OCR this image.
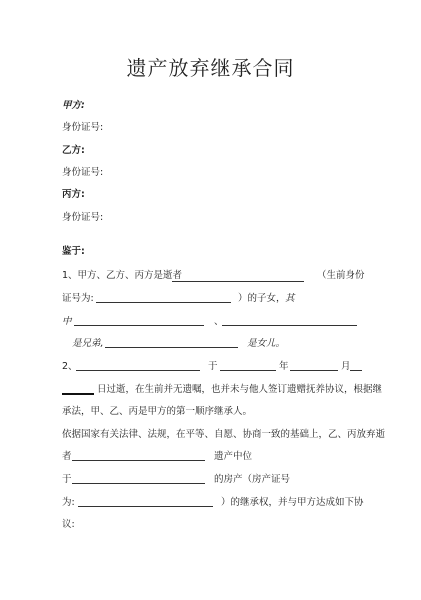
遗产放弃继承合同
甲方:
身份证号:
乙方:
身份证号:
丙方:
身份证号:
鉴于:
1、甲方、乙方、丙方是逝者	（生前身份
证号为:	）的子女， 其
中	、
是兄弟,	是女儿。
2、	于	年	月
日过逝，在生前并无遗嘱，也并未与他人签订遗赠抚养协议，根据继
承法，甲、乙、丙是甲方的第一顺序继承人。
依据国家有关法律、法规，在平等、自愿、协商一致的基础上，乙、丙放弃逝
者	遗产中位
于	的房产（房产证号
为:	）的继承权，并与甲方达成如下协
议:
